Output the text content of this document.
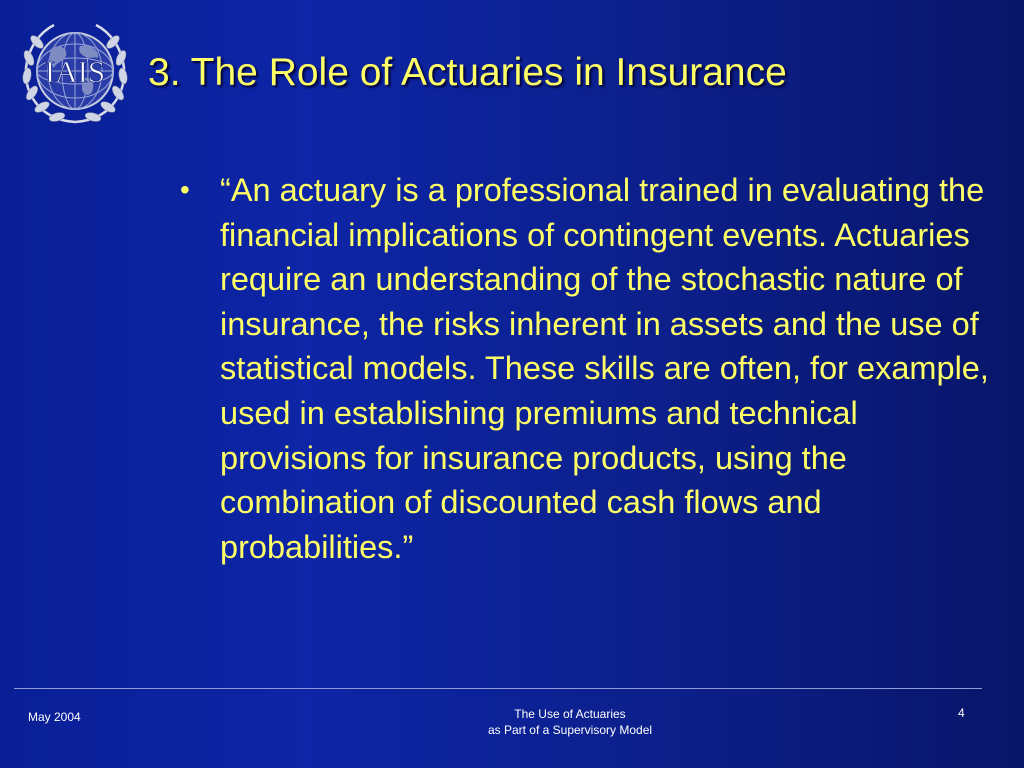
IAIS 3. The Role of Actuaries in Insurance
• “An actuary is a professional trained in evaluating the financial implications of contingent events. Actuaries require an understanding of the stochastic nature of insurance, the risks inherent in assets and the use of statistical models. These skills are often, for example, used in establishing premiums and technical provisions for insurance products, using the combination of discounted cash flows and probabilities.”
May 2004	The Use of Actuaries
as Part of a Supervisory Model
4
